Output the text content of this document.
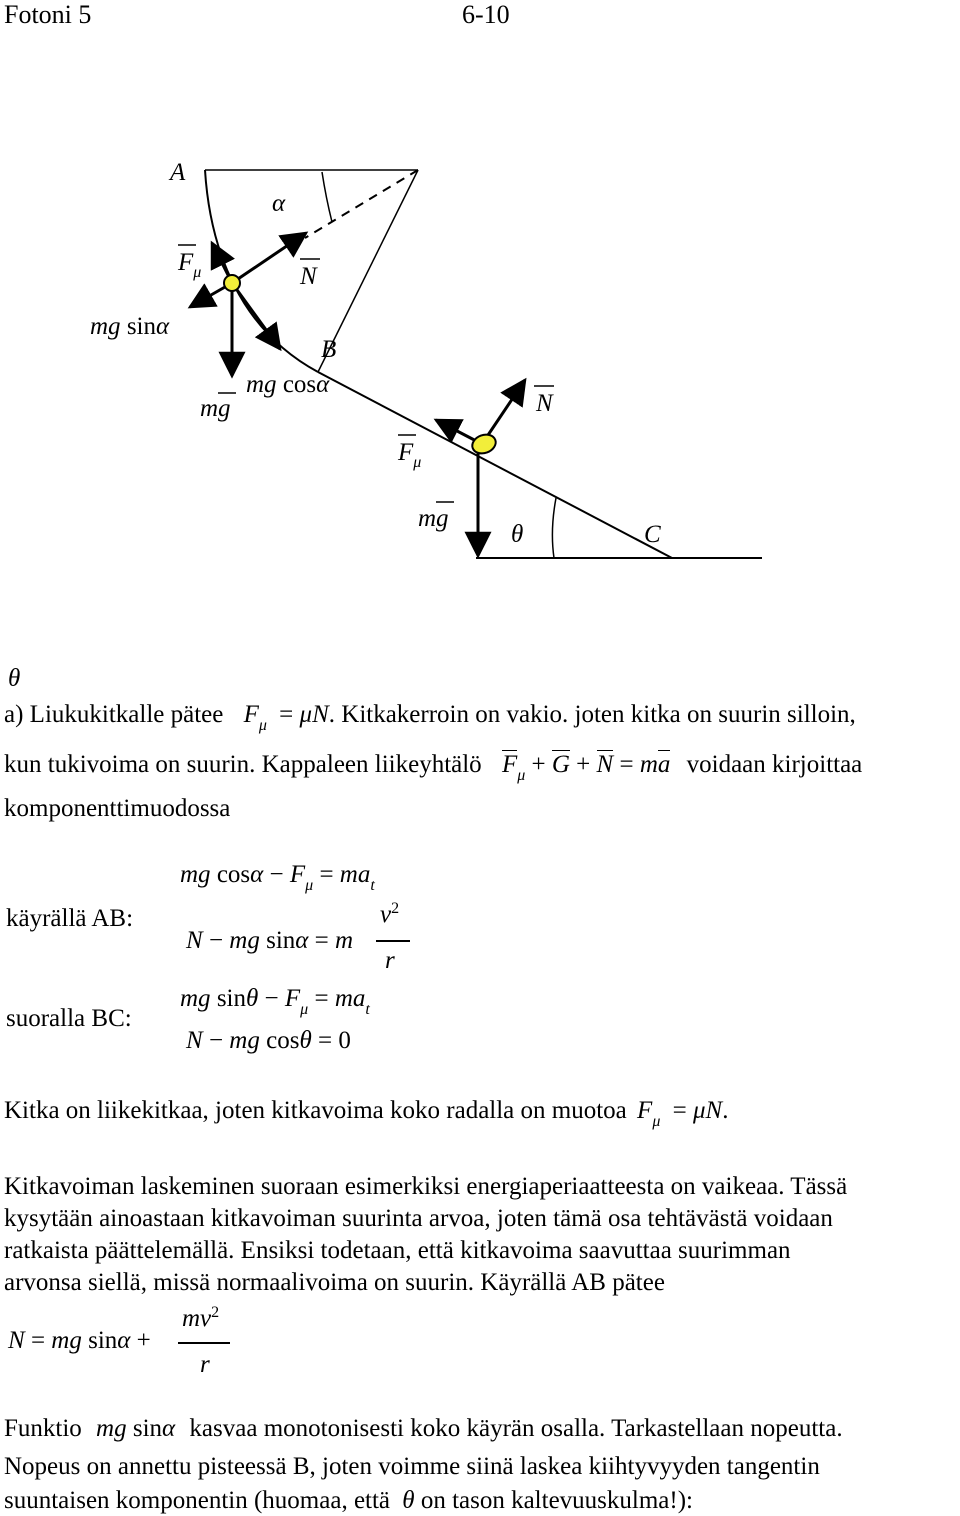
Fotoni 5	6-10
A
α
$F_\mu$	N
mg sinα
B
mg cosα
mg	N
$F_\mu$
mg
θ	C
θ
a) Liukukitkalle pätee $F_\mu = \mu N$. Kitkakerroin on vakio. joten kitka on suurin silloin,
kun tukivoima on suurin. Kappaleen liikeyhtälö $F_\mu + G + N$ = ma voidaan kirjoittaa
komponenttimuodossa
käyrällä AB:
suoralla BC:
mg $\cos\alpha - F_\mu = ma_t$
N − mg sinα = m
$v^2$
r
mg $\sin\theta - F_\mu = ma_t$
N − mg cosθ = 0
Kitka on liikekitkaa, joten kitkavoima koko radalla on muotoa $F_\mu = \mu N$.
Kitkavoiman laskeminen suoraan esimerkiksi energiaperiaatteesta on vaikeaa. Tässä
kysytään ainoastaan kitkavoiman suurinta arvoa, joten tämä osa tehtävästä voidaan
ratkaista päättelemällä. Ensiksi todetaan, että kitkavoima saavuttaa suurimman
arvonsa siellä, missä normaalivoima on suurin. Käyrällä AB pätee
N = mg sinα +
$mv^2$
r
Funktio mg sinα kasvaa monotonisesti koko käyrän osalla. Tarkastellaan nopeutta.
Nopeus on annettu pisteessä B, joten voimme siinä laskea kiihtyvyyden tangentin
suuntaisen komponentin (huomaa, että θ on tason kaltevuuskulma!):
